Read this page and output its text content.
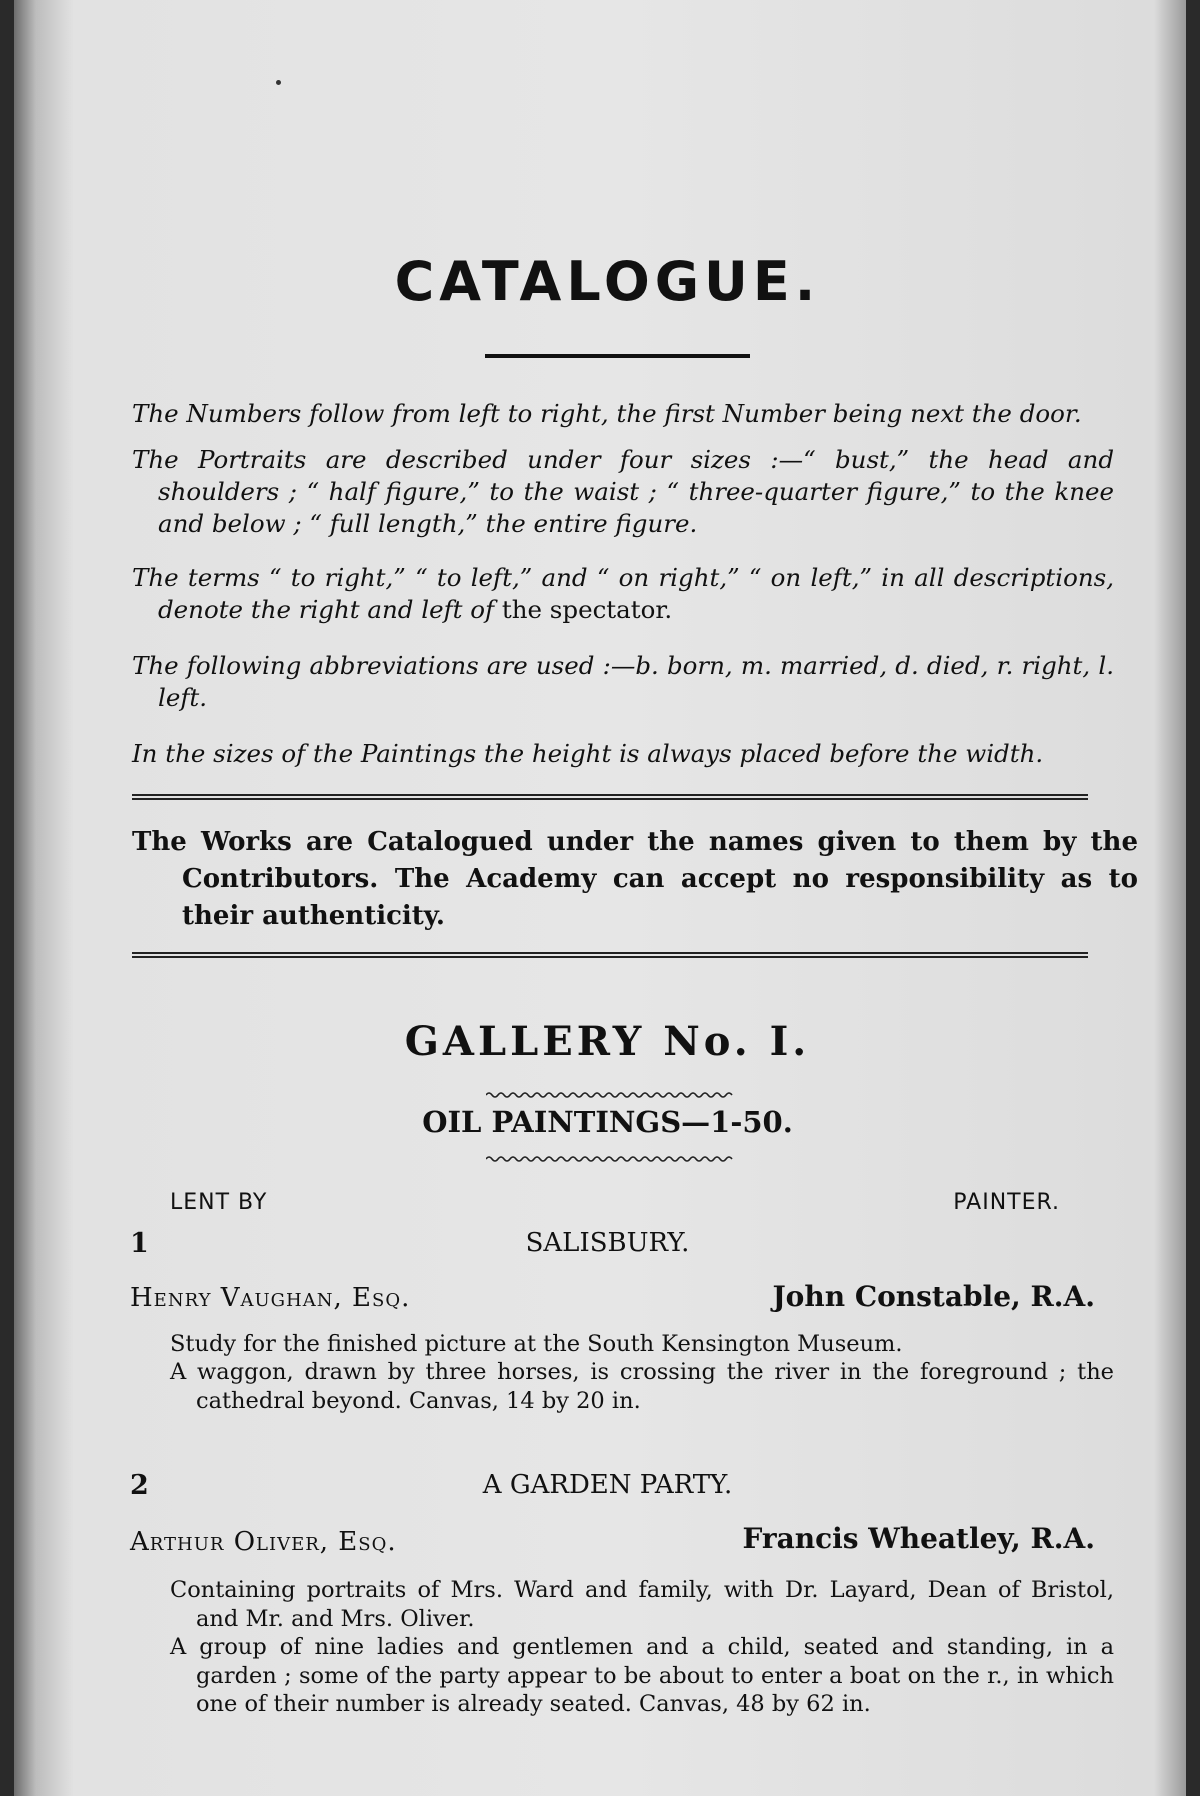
CATALOGUE.

The Numbers follow from left to right, the first Number being next the door.

The Portraits are described under four sizes :—“ bust,” the head and shoulders ; “ half figure,” to the waist ; “ three-quarter figure,” to the knee and below ; “ full length,” the entire figure.

The terms “ to right,” “ to left,” and “ on right,” “ on left,” in all descriptions, denote the right and left of the spectator.

The following abbreviations are used :—b. born, m. married, d. died, r. right, l. left.

In the sizes of the Paintings the height is always placed before the width.

The Works are Catalogued under the names given to them by the Contributors. The Academy can accept no responsibility as to their authenticity.

GALLERY No. I.
OIL PAINTINGS—1-50.
LENT BY	PAINTER.
1	SALISBURY.
Henry Vaughan, Esq.	John Constable, R.A.

Study for the finished picture at the South Kensington Museum.

A waggon, drawn by three horses, is crossing the river in the foreground ; the cathedral beyond. Canvas, 14 by 20 in.

2	A GARDEN PARTY.
Arthur Oliver, Esq.	Francis Wheatley, R.A.

Containing portraits of Mrs. Ward and family, with Dr. Layard, Dean of Bristol, and Mr. and Mrs. Oliver.

A group of nine ladies and gentlemen and a child, seated and standing, in a garden ; some of the party appear to be about to enter a boat on the r., in which one of their number is already seated. Canvas, 48 by 62 in.
